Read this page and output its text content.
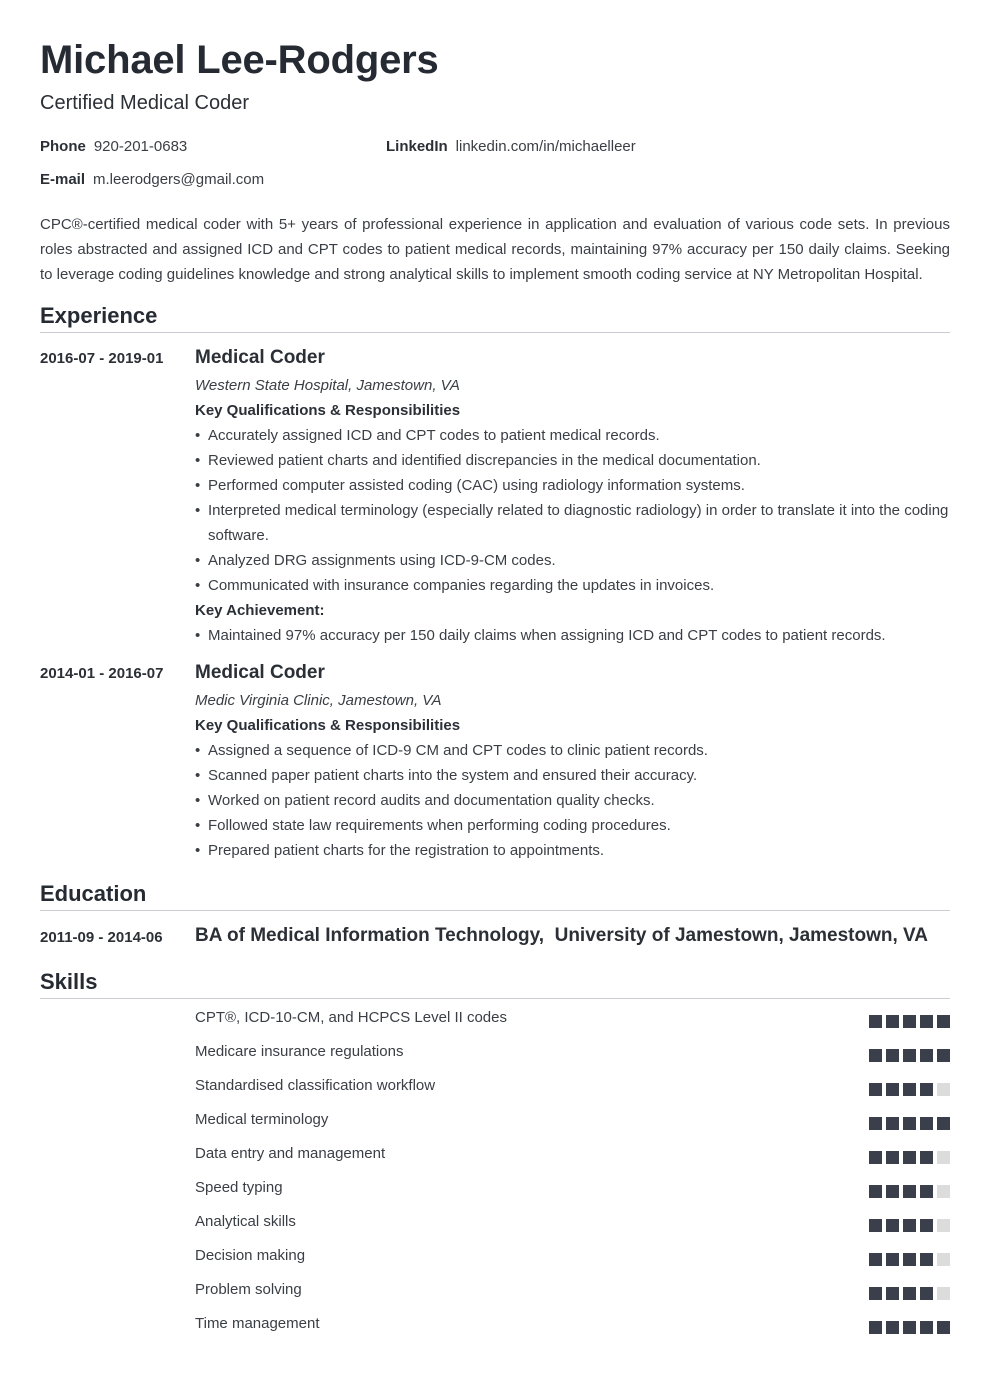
Michael Lee-Rodgers
Certified Medical Coder
Phone 920-201-0683	LinkedIn linkedin.com/in/michaelleer
E-mail m.leerodgers@gmail.com
CPC®-certified medical coder with 5+ years of professional experience in application and evaluation of various code sets. In previous roles abstracted and assigned ICD and CPT codes to patient medical records, maintaining 97% accuracy per 150 daily claims. Seeking to leverage coding guidelines knowledge and strong analytical skills to implement smooth coding service at NY Metropolitan Hospital.
Experience
2016-07 - 2019-01 Medical Coder
Western State Hospital, Jamestown, VA
Key Qualifications & Responsibilities
• Accurately assigned ICD and CPT codes to patient medical records.
• Reviewed patient charts and identified discrepancies in the medical documentation.
• Performed computer assisted coding (CAC) using radiology information systems.
• Interpreted medical terminology (especially related to diagnostic radiology) in order to translate it into the coding software.
• Analyzed DRG assignments using ICD-9-CM codes.
• Communicated with insurance companies regarding the updates in invoices.
Key Achievement:
• Maintained 97% accuracy per 150 daily claims when assigning ICD and CPT codes to patient records.
2014-01 - 2016-07 Medical Coder
Medic Virginia Clinic, Jamestown, VA
Key Qualifications & Responsibilities
• Assigned a sequence of ICD-9 CM and CPT codes to clinic patient records.
• Scanned paper patient charts into the system and ensured their accuracy.
• Worked on patient record audits and documentation quality checks.
• Followed state law requirements when performing coding procedures.
• Prepared patient charts for the registration to appointments.
Education
2011-09 - 2014-06 BA of Medical Information Technology,  University of Jamestown, Jamestown, VA
Skills
CPT®, ICD-10-CM, and HCPCS Level II codes
Medicare insurance regulations
Standardised classification workflow
Medical terminology
Data entry and management
Speed typing
Analytical skills
Decision making
Problem solving
Time management
